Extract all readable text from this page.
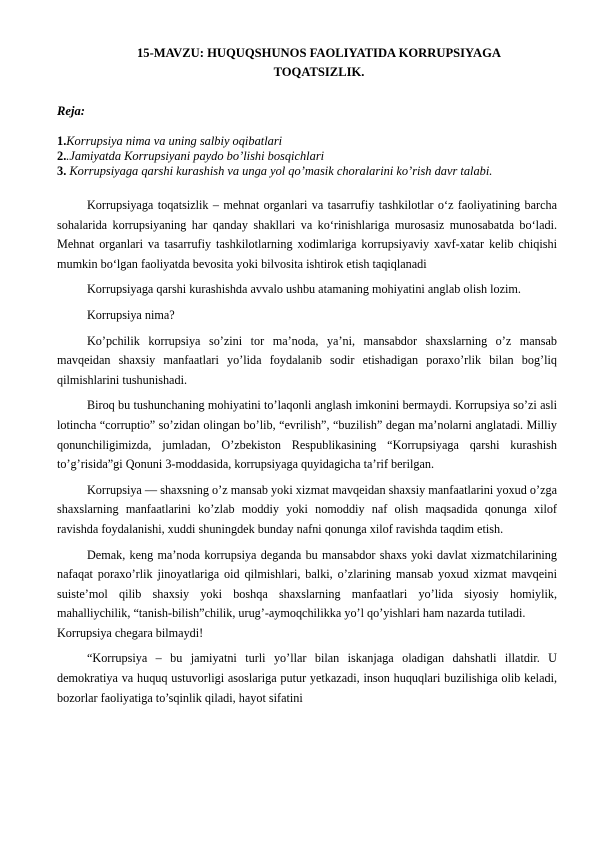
15-MAVZU: HUQUQSHUNOS FAOLIYATIDA KORRUPSIYAGA
TOQATSIZLIK.
Reja:
1.Korrupsiya nima va uning salbiy oqibatlari
2..Jamiyatda Korrupsiyani paydo bo’lishi bosqichlari
3. Korrupsiyaga qarshi kurashish va unga yol qo’masik choralarini ko’rish davr talabi.

Korrupsiyaga toqatsizlik – mehnat organlari va tasarrufiy tashkilotlar o‘z faoliyatining barcha sohalarida korrupsiyaning har qanday shakllari va ko‘rinishlariga murosasiz munosabatda bo‘ladi. Mehnat organlari va tasarrufiy tashkilotlarning xodimlariga korrupsiyaviy xavf-xatar kelib chiqishi mumkin bo‘lgan faoliyatda bevosita yoki bilvosita ishtirok etish taqiqlanadi

Korrupsiyaga qarshi kurashishda avvalo ushbu atamaning mohiyatini anglab olish lozim.

Korrupsiya nima?

Ko’pchilik korrupsiya so’zini tor ma’noda, ya’ni, mansabdor shaxslarning o’z mansab mavqeidan shaxsiy manfaatlari yo’lida foydalanib sodir etishadigan poraxo’rlik bilan bog’liq qilmishlarini tushunishadi.

Biroq bu tushunchaning mohiyatini to’laqonli anglash imkonini bermaydi. Korrupsiya so’zi asli lotincha “corruptio” so’zidan olingan bo’lib, “evrilish”, “buzilish” degan ma’nolarni anglatadi. Milliy qonunchiligimizda, jumladan, O’zbekiston Respublikasining “Korrupsiyaga qarshi kurashish to’g’risida”gi Qonuni 3-moddasida, korrupsiyaga quyidagicha ta’rif berilgan.

Korrupsiya — shaxsning o’z mansab yoki xizmat mavqeidan shaxsiy manfaatlarini yoxud o’zga shaxslarning manfaatlarini ko’zlab moddiy yoki nomoddiy naf olish maqsadida qonunga xilof ravishda foydalanishi, xuddi shuningdek bunday nafni qonunga xilof ravishda taqdim etish.

Demak, keng ma’noda korrupsiya deganda bu mansabdor shaxs yoki davlat xizmatchilarining nafaqat poraxo’rlik jinoyatlariga oid qilmishlari, balki, o’zlarining mansab yoxud xizmat mavqeini suiste’mol qilib shaxsiy yoki boshqa shaxslarning manfaatlari yo’lida siyosiy homiylik, mahalliychilik, “tanish-bilish”chilik, urug’-aymoqchilikka yo’l qo’yishlari ham nazarda tutiladi.

Korrupsiya chegara bilmaydi!

“Korrupsiya – bu jamiyatni turli yo’llar bilan iskanjaga oladigan dahshatli illatdir. U demokratiya va huquq ustuvorligi asoslariga putur yetkazadi, inson huquqlari buzilishiga olib keladi, bozorlar faoliyatiga to’sqinlik qiladi, hayot sifatini
